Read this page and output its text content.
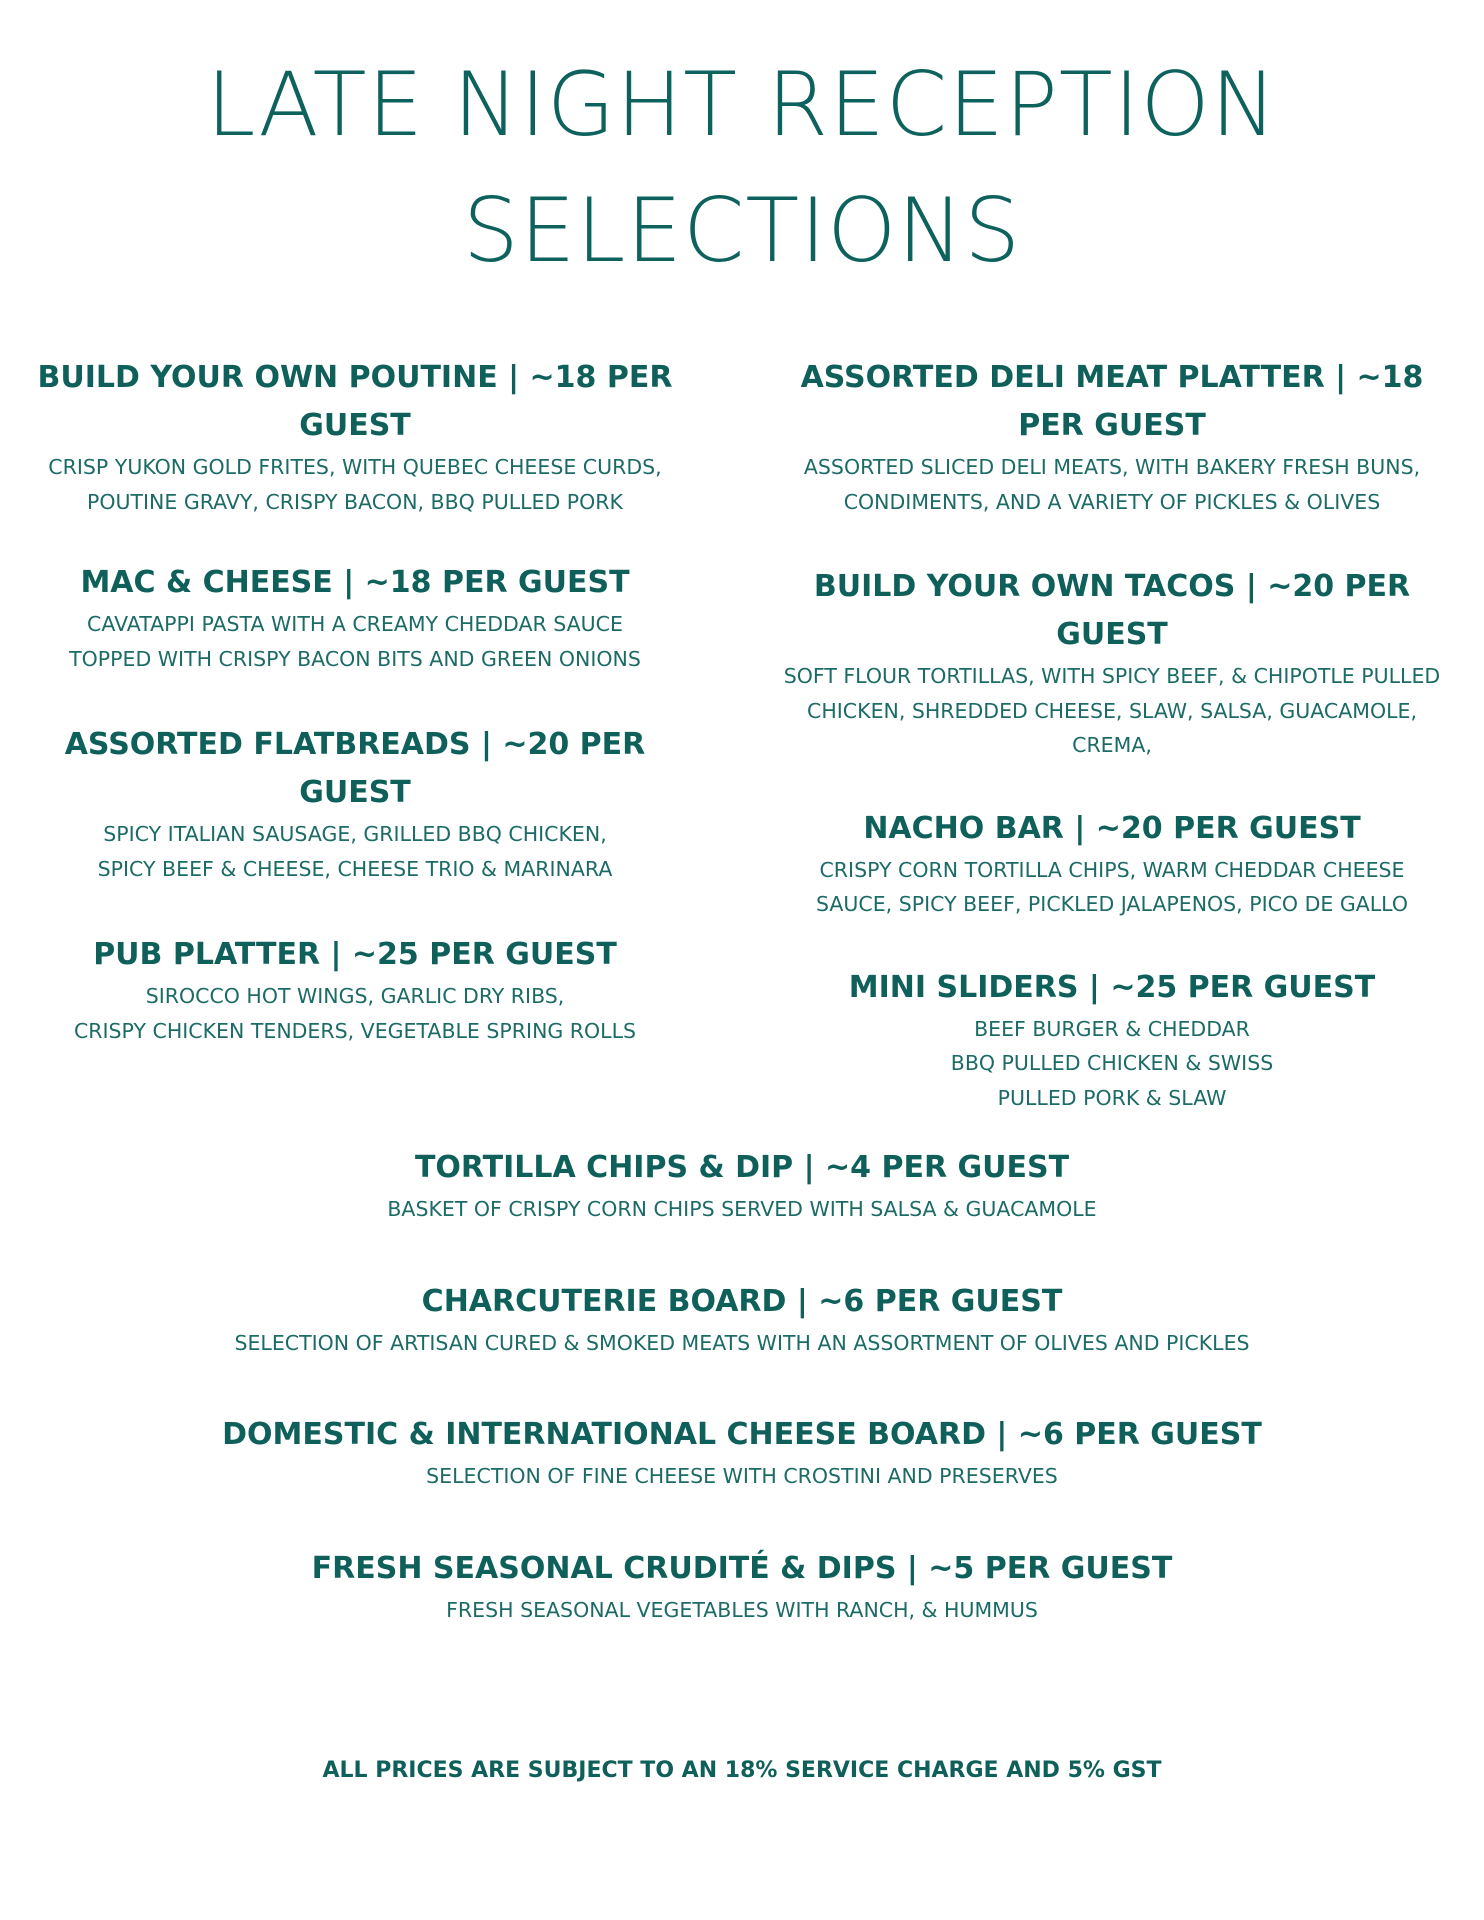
LATE NIGHT RECEPTION
SELECTIONS

BUILD YOUR OWN POUTINE | ~18 PER GUEST

CRISP YUKON GOLD FRITES, WITH QUEBEC CHEESE CURDS,
POUTINE GRAVY, CRISPY BACON, BBQ PULLED PORK

MAC & CHEESE | ~18 PER GUEST

CAVATAPPI PASTA WITH A CREAMY CHEDDAR SAUCE
TOPPED WITH CRISPY BACON BITS AND GREEN ONIONS

ASSORTED FLATBREADS | ~20 PER GUEST

SPICY ITALIAN SAUSAGE, GRILLED BBQ CHICKEN,
SPICY BEEF & CHEESE, CHEESE TRIO & MARINARA

PUB PLATTER | ~25 PER GUEST

SIROCCO HOT WINGS, GARLIC DRY RIBS,
CRISPY CHICKEN TENDERS, VEGETABLE SPRING ROLLS

ASSORTED DELI MEAT PLATTER | ~18 PER GUEST

ASSORTED SLICED DELI MEATS, WITH BAKERY FRESH BUNS,
CONDIMENTS, AND A VARIETY OF PICKLES & OLIVES

BUILD YOUR OWN TACOS | ~20 PER GUEST

SOFT FLOUR TORTILLAS, WITH SPICY BEEF, & CHIPOTLE PULLED
CHICKEN, SHREDDED CHEESE, SLAW, SALSA, GUACAMOLE,
CREMA,

NACHO BAR | ~20 PER GUEST

CRISPY CORN TORTILLA CHIPS, WARM CHEDDAR CHEESE
SAUCE, SPICY BEEF, PICKLED JALAPENOS, PICO DE GALLO

MINI SLIDERS | ~25 PER GUEST

BEEF BURGER & CHEDDAR
BBQ PULLED CHICKEN & SWISS
PULLED PORK & SLAW

TORTILLA CHIPS & DIP | ~4 PER GUEST

BASKET OF CRISPY CORN CHIPS SERVED WITH SALSA & GUACAMOLE

CHARCUTERIE BOARD | ~6 PER GUEST

SELECTION OF ARTISAN CURED & SMOKED MEATS WITH AN ASSORTMENT OF OLIVES AND PICKLES

DOMESTIC & INTERNATIONAL CHEESE BOARD | ~6 PER GUEST

SELECTION OF FINE CHEESE WITH CROSTINI AND PRESERVES

FRESH SEASONAL CRUDITÉ & DIPS | ~5 PER GUEST

FRESH SEASONAL VEGETABLES WITH RANCH, & HUMMUS

ALL PRICES ARE SUBJECT TO AN 18% SERVICE CHARGE AND 5% GST
